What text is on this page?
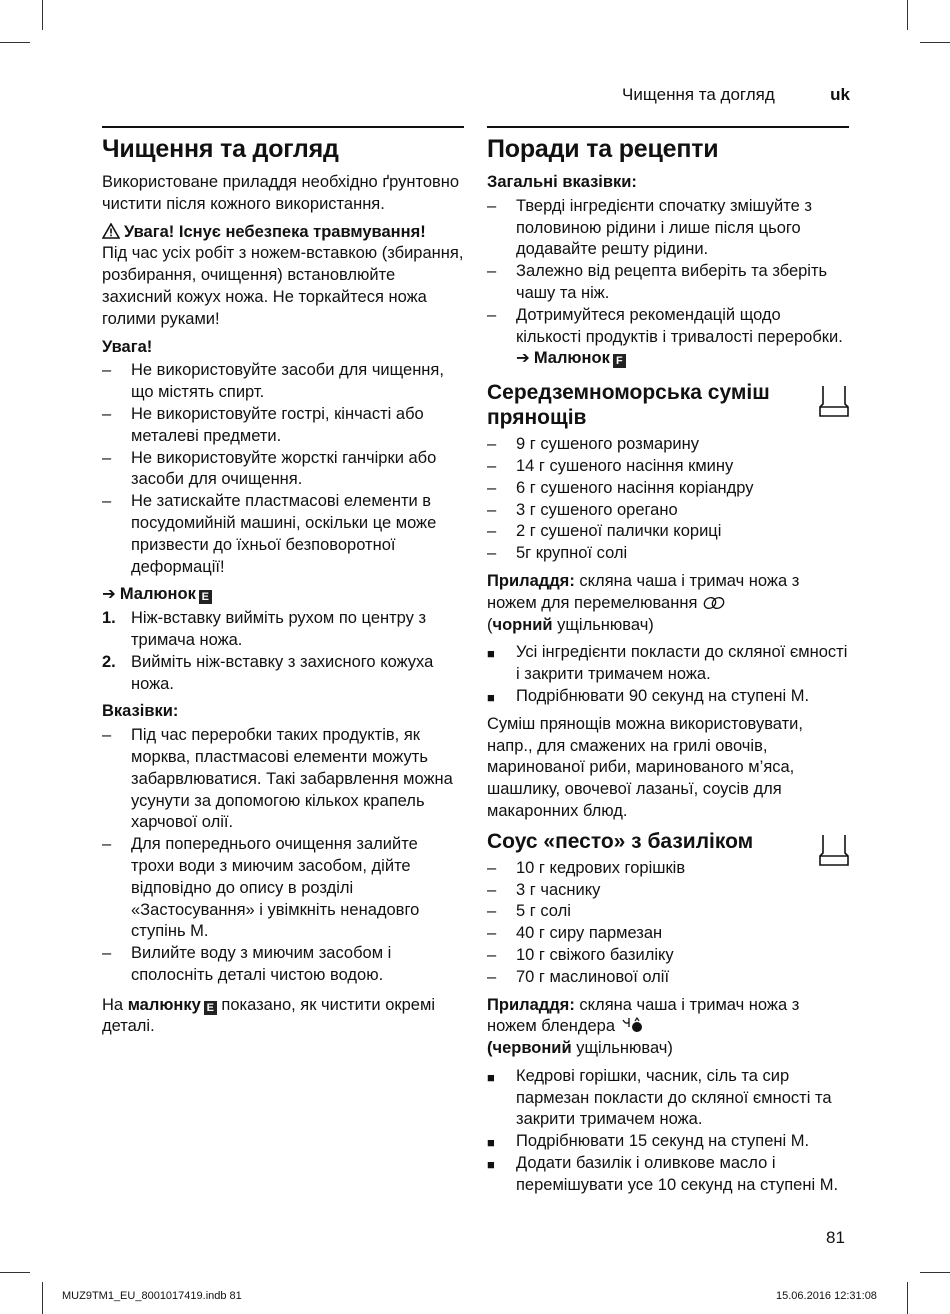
Чищення та догляд	uk
Чищення та догляд

Використоване приладдя необхідно ґрунтовно чистити після кожного використання.

Увага! Існує небезпека травмування!

Під час усіх робіт з ножем-вставкою (збирання, розбирання, очищення) встановлюйте захисний кожух ножа. Не торкайтеся ножа голими руками!

Увага!
– Не використовуйте засоби для чищення, що містять спирт.
– Не використовуйте гострі, кінчасті або металеві предмети.
– Не використовуйте жорсткі ганчірки або засоби для очищення.
– Не затискайте пластмасові елементи в посудомийній машині, оскільки це може призвести до їхньої безповоротної деформації!
➔ Малюнок E
1. Ніж-вставку вийміть рухом по центру з тримача ножа.
2. Вийміть ніж-вставку з захисного кожуха ножа.
Вказівки:
– Під час переробки таких продуктів, як морква, пластмасові елементи можуть забарвлюватися. Такі забарвлення можна усунути за допомогою кількох крапель харчової олії.
– Для попереднього очищення залийте трохи води з миючим засобом, дійте відповідно до опису в розділі «Застосування» і увімкніть ненадовго ступінь M.
– Вилийте воду з миючим засобом і сполосніть деталі чистою водою.

На малюнку E показано, як чистити окремі деталі.

Поради та рецепти
Загальні вказівки:
– Тверді інгредієнти спочатку змішуйте з половиною рідини і лише після цього додавайте решту рідини.
– Залежно від рецепта виберіть та зберіть чашу та ніж.
– Дотримуйтеся рекомендацій щодо кількості продуктів і тривалості переробки. ➔ Малюнок F
Середземноморська суміш прянощів
– 9 г сушеного розмарину
– 14 г сушеного насіння кмину
– 6 г сушеного насіння коріандру
– 3 г сушеного орегано
– 2 г сушеної палички кориці
– 5г крупної солі

Приладдя: скляна чаша і тримач ножа з ножем для перемелювання
(чорний ущільнювач)

■ Усі інгредієнти покласти до скляної ємності і закрити тримачем ножа.
■ Подрібнювати 90 секунд на ступені M.

Суміш прянощів можна використовувати, напр., для смажених на грилі овочів, маринованої риби, маринованого м’яса, шашлику, овочевої лазаньї, соусів для макаронних блюд.

Соус «песто» з базиліком
– 10 г кедрових горішків
– 3 г часнику
– 5 г солі
– 40 г сиру пармезан
– 10 г свіжого базиліку
– 70 г маслинової олії

Приладдя: скляна чаша і тримач ножа з ножем блендера
(червоний ущільнювач)

■ Кедрові горішки, часник, сіль та сир пармезан покласти до скляної ємності та закрити тримачем ножа.
■ Подрібнювати 15 секунд на ступені M.
■ Додати базилік і оливкове масло і перемішувати усе 10 секунд на ступені M.
81
MUZ9TM1_EU_8001017419.indb 81	15.06.2016 12:31:08
